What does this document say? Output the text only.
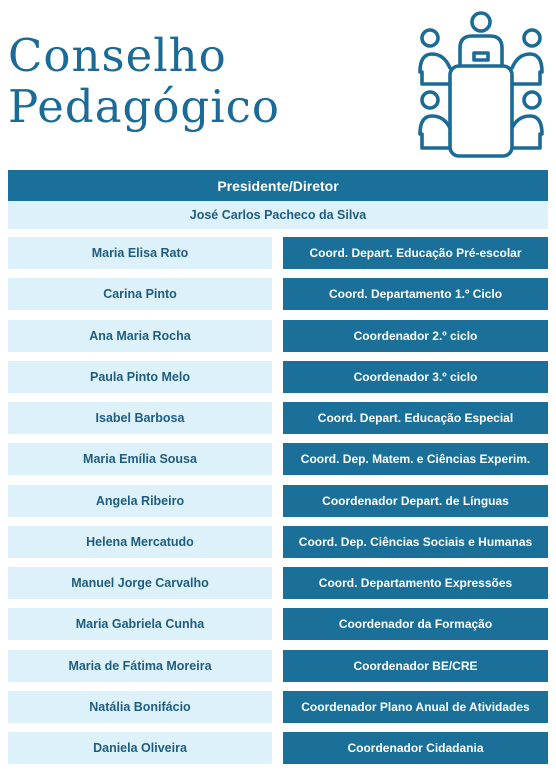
Conselho
Pedagógico
Presidente/Diretor
José Carlos Pacheco da Silva
Maria Elisa Rato	Coord. Depart. Educação Pré-escolar
Carina Pinto	Coord. Departamento 1.º Ciclo
Ana Maria Rocha	Coordenador 2.º ciclo
Paula Pinto Melo	Coordenador 3.º ciclo
Isabel Barbosa	Coord. Depart. Educação Especial
Maria Emília Sousa	Coord. Dep. Matem. e Ciências Experim.
Angela Ribeiro	Coordenador Depart. de Línguas
Helena Mercatudo	Coord. Dep. Ciências Sociais e Humanas
Manuel Jorge Carvalho	Coord. Departamento Expressões
Maria Gabriela Cunha	Coordenador da Formação
Maria de Fátima Moreira	Coordenador BE/CRE
Natália Bonifácio	Coordenador Plano Anual de Atividades
Daniela Oliveira	Coordenador Cidadania
